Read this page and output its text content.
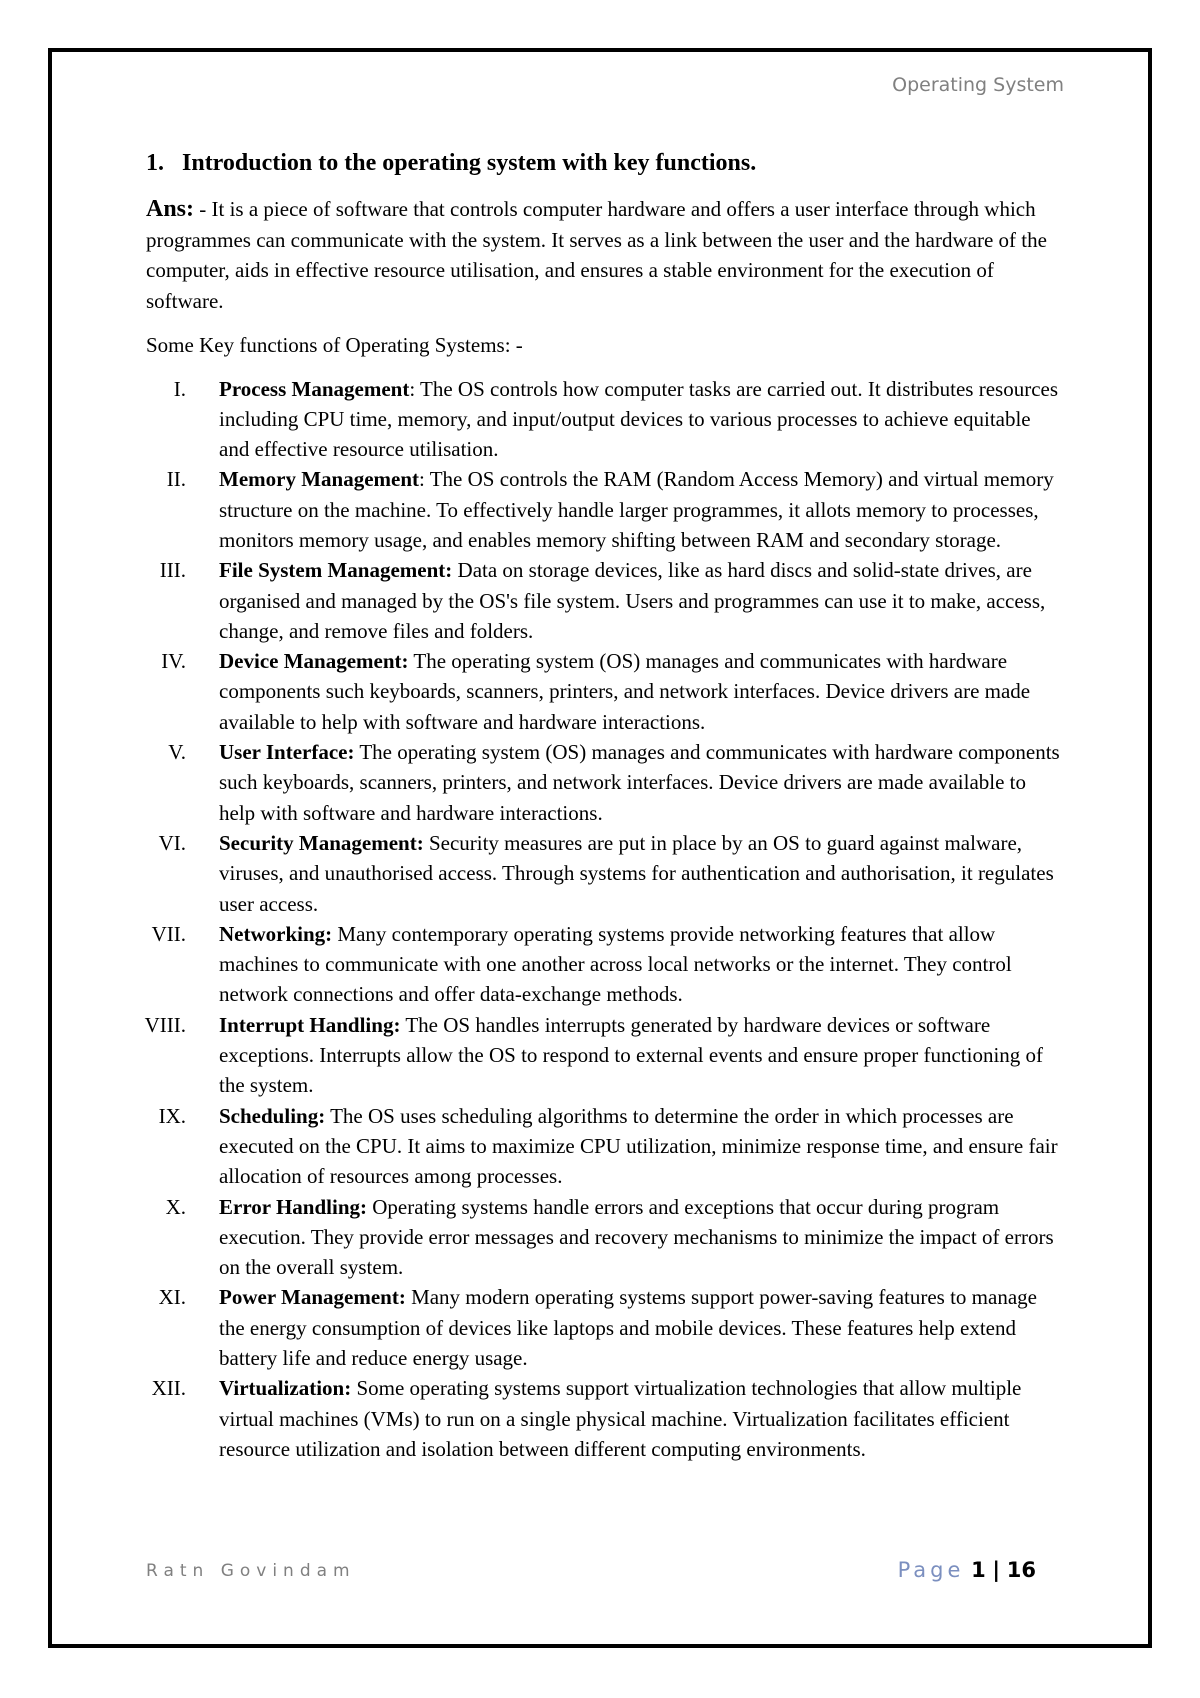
Operating System
1. Introduction to the operating system with key functions.

Ans: - It is a piece of software that controls computer hardware and offers a user interface through which programmes can communicate with the system. It serves as a link between the user and the hardware of the computer, aids in effective resource utilisation, and ensures a stable environment for the execution of software.

Some Key functions of Operating Systems: -

I. Process Management: The OS controls how computer tasks are carried out. It distributes resources including CPU time, memory, and input/output devices to various processes to achieve equitable and effective resource utilisation.
II. Memory Management: The OS controls the RAM (Random Access Memory) and virtual memory structure on the machine. To effectively handle larger programmes, it allots memory to processes, monitors memory usage, and enables memory shifting between RAM and secondary storage.
III. File System Management: Data on storage devices, like as hard discs and solid-state drives, are organised and managed by the OS's file system. Users and programmes can use it to make, access, change, and remove files and folders.
IV. Device Management: The operating system (OS) manages and communicates with hardware components such keyboards, scanners, printers, and network interfaces. Device drivers are made available to help with software and hardware interactions.
V. User Interface: The operating system (OS) manages and communicates with hardware components such keyboards, scanners, printers, and network interfaces. Device drivers are made available to help with software and hardware interactions.
VI. Security Management: Security measures are put in place by an OS to guard against malware, viruses, and unauthorised access. Through systems for authentication and authorisation, it regulates user access.
VII. Networking: Many contemporary operating systems provide networking features that allow machines to communicate with one another across local networks or the internet. They control network connections and offer data-exchange methods.
VIII. Interrupt Handling: The OS handles interrupts generated by hardware devices or software exceptions. Interrupts allow the OS to respond to external events and ensure proper functioning of the system.
IX. Scheduling: The OS uses scheduling algorithms to determine the order in which processes are executed on the CPU. It aims to maximize CPU utilization, minimize response time, and ensure fair allocation of resources among processes.
X. Error Handling: Operating systems handle errors and exceptions that occur during program execution. They provide error messages and recovery mechanisms to minimize the impact of errors on the overall system.
XI. Power Management: Many modern operating systems support power-saving features to manage the energy consumption of devices like laptops and mobile devices. These features help extend battery life and reduce energy usage.
XII. Virtualization: Some operating systems support virtualization technologies that allow multiple virtual machines (VMs) to run on a single physical machine. Virtualization facilitates efficient resource utilization and isolation between different computing environments.
Ratn Govindam	Page 1 | 16
